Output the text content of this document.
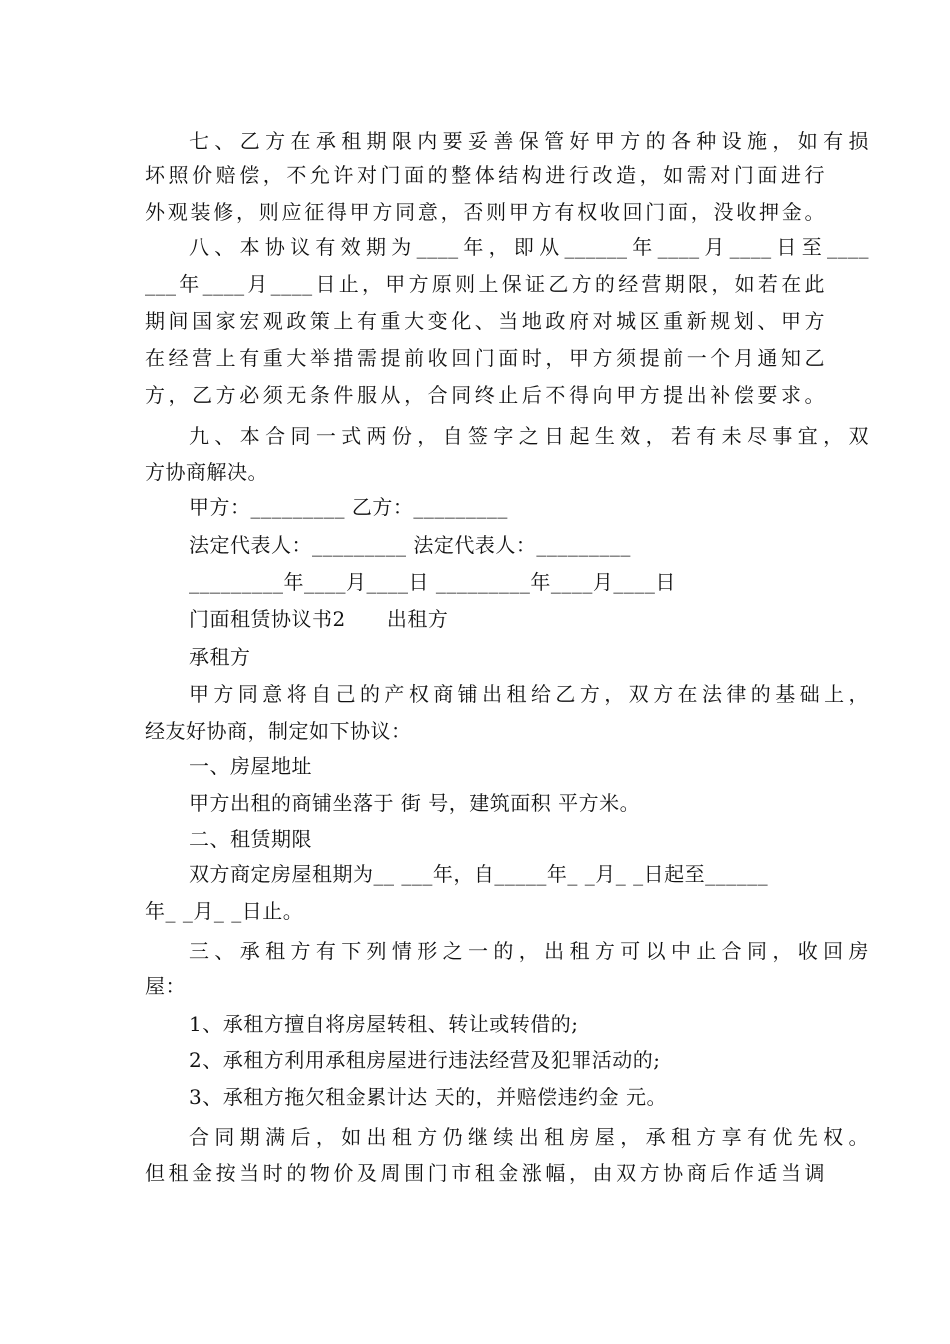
七、乙方在承租期限内要妥善保管好甲方的各种设施，如有损
坏照价赔偿，不允许对门面的整体结构进行改造，如需对门面进行
外观装修，则应征得甲方同意，否则甲方有权收回门面，没收押金。
八、本协议有效期为____年，即从______年____月____日至____
___年____月____日止，甲方原则上保证乙方的经营期限，如若在此
期间国家宏观政策上有重大变化、当地政府对城区重新规划、甲方
在经营上有重大举措需提前收回门面时，甲方须提前一个月通知乙
方，乙方必须无条件服从，合同终止后不得向甲方提出补偿要求。
九、本合同一式两份，自签字之日起生效，若有未尽事宜，双
方协商解决。
甲方：_________ 乙方：_________
法定代表人：_________ 法定代表人：_________
_________年____月____日 _________年____月____日
门面租赁协议书2      出租方
承租方
甲方同意将自己的产权商铺出租给乙方，双方在法律的基础上，
经友好协商，制定如下协议：
一、房屋地址
甲方出租的商铺坐落于 街 号，建筑面积 平方米。
二、租赁期限
双方商定房屋租期为__ ___年，自_____年_ _月_ _日起至______
年_ _月_ _日止。
三、承租方有下列情形之一的，出租方可以中止合同，收回房
屋：
1、承租方擅自将房屋转租、转让或转借的;
2、承租方利用承租房屋进行违法经营及犯罪活动的;
3、承租方拖欠租金累计达 天的，并赔偿违约金 元。
合同期满后，如出租方仍继续出租房屋，承租方享有优先权。
但租金按当时的物价及周围门市租金涨幅，由双方协商后作适当调
